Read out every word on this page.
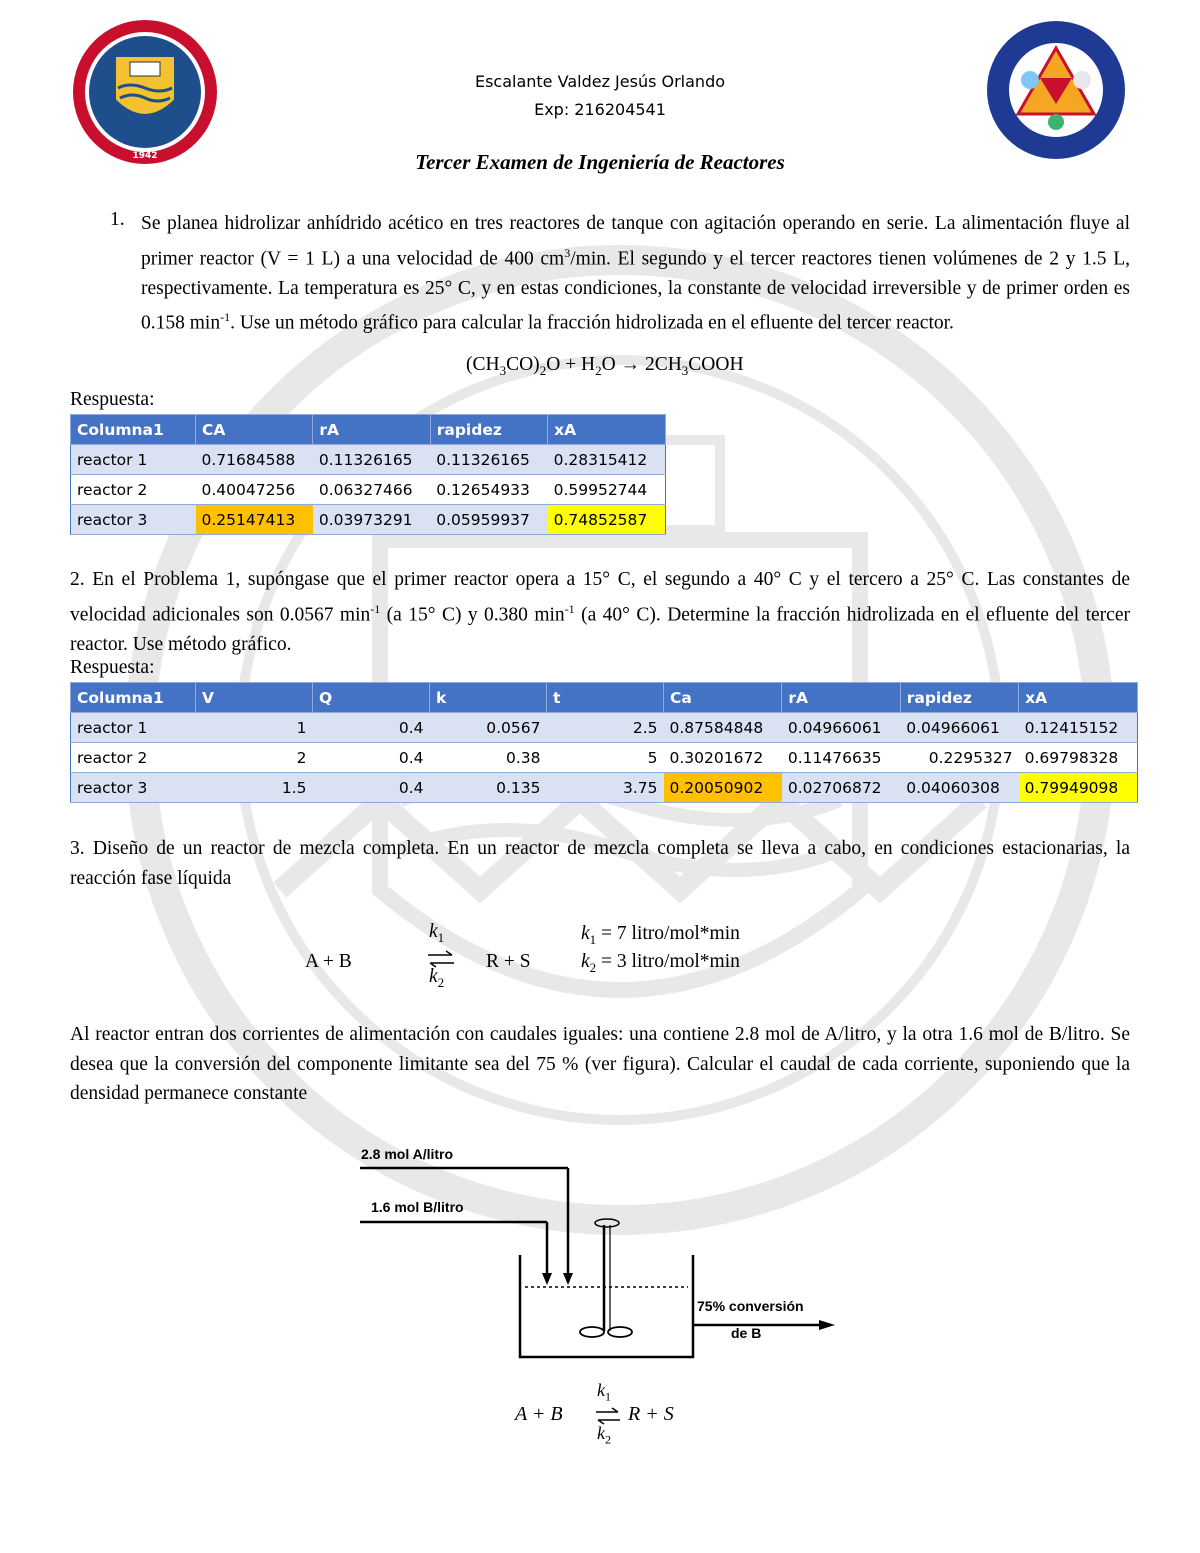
1942
Escalante Valdez Jesús Orlando
Exp: 216204541
Tercer Examen de Ingeniería de Reactores
1. Se planea hidrolizar anhídrido acético en tres reactores de tanque con agitación operando en serie. La alimentación fluye al primer reactor (V = 1 L) a una velocidad de 400 $cm^3/\min$. El segundo y el tercer reactores tienen volúmenes de 2 y 1.5 L, respectivamente. La temperatura es 25° C, y en estas condiciones, la constante de velocidad irreversible y de primer orden es 0.158 $\min^{-1}$. Use un método gráfico para calcular la fracción hidrolizada en el efluente del tercer reactor.

$(CH_3CO)_2O + H_2O$ → $2CH_3COOH$
Respuesta:
Columna1	CA	rA	rapidez	xA
reactor 1	0.71684588	0.11326165	0.11326165	0.28315412
reactor 2	0.40047256	0.06327466	0.12654933	0.59952744
reactor 3	0.25147413	0.03973291	0.05959937	0.74852587

2. En el Problema 1, supóngase que el primer reactor opera a 15° C, el segundo a 40° C y el tercero a 25° C. Las constantes de velocidad adicionales son 0.0567 $\min^{-1} (a$ 15° C) y 0.380 $\min^{-1} (a$ 40° C). Determine la fracción hidrolizada en el efluente del tercer reactor. Use método gráfico.

Respuesta:
Columna1	V	Q	k	t	Ca	rA	rapidez	xA
reactor 1	1	0.4	0.0567	2.5	0.87584848	0.04966061	0.04966061	0.12415152
reactor 2	2	0.4	0.38	5	0.30201672	0.11476635	0.2295327	0.69798328
reactor 3	1.5	0.4	0.135	3.75	0.20050902	0.02706872	0.04060308	0.79949098
3. Diseño de un reactor de mezcla completa. En un reactor de mezcla completa se lleva a cabo, en condiciones estacionarias, la reacción fase líquida
A + B
$k_1$
$k_2$
R + S
$k_1 = 7$ litro/mol*min
$k_2 = 3$ litro/mol*min
Al reactor entran dos corrientes de alimentación con caudales iguales: una contiene 2.8 mol de A/litro, y la otra 1.6 mol de B/litro. Se desea que la conversión del componente limitante sea del 75 % (ver figura). Calcular el caudal de cada corriente, suponiendo que la densidad permanece constante
2.8 mol A/litro
1.6 mol B/litro
75% conversión
de B
A + B
$k_1$
$k_2$
R + S
